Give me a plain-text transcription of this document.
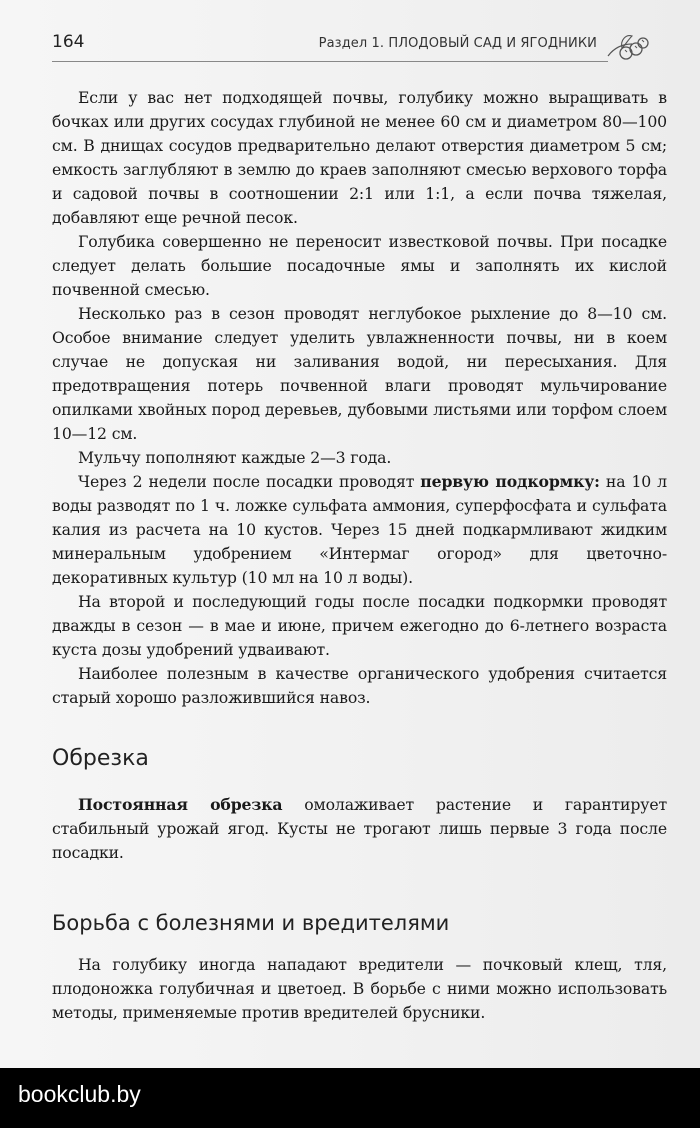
164	Раздел 1. ПЛОДОВЫЙ САД И ЯГОДНИКИ

Если у вас нет подходящей почвы, голубику можно выращивать в бочках или других сосудах глубиной не менее 60 см и диаметром 80—100 см. В днищах сосудов предварительно делают отверстия диаметром 5 см; емкость заглубляют в землю до краев заполняют смесью верхового торфа и садовой почвы в соотношении 2:1 или 1:1, а если почва тяжелая, добавляют еще речной песок.

Голубика совершенно не переносит известковой почвы. При посадке следует делать большие посадочные ямы и заполнять их кислой почвенной смесью.

Несколько раз в сезон проводят неглубокое рыхление до 8—10 см. Особое внимание следует уделить увлажненности почвы, ни в коем случае не допуская ни заливания водой, ни пересыхания. Для предотвращения потерь почвенной влаги проводят мульчирование опилками хвойных пород деревьев, дубовыми листьями или торфом слоем 10—12 см.

Мульчу пополняют каждые 2—3 года.

Через 2 недели после посадки проводят первую подкормку: на 10 л воды разводят по 1 ч. ложке сульфата аммония, суперфосфата и сульфата калия из расчета на 10 кустов. Через 15 дней подкармливают жидким минеральным удобрением «Интермаг огород» для цветочно-декоративных культур (10 мл на 10 л воды).

На второй и последующий годы после посадки подкормки проводят дважды в сезон — в мае и июне, причем ежегодно до 6-летнего возраста куста дозы удобрений удваивают.

Наиболее полезным в качестве органического удобрения считается старый хорошо разложившийся навоз.

Обрезка

Постоянная обрезка омолаживает растение и гарантирует стабильный урожай ягод. Кусты не трогают лишь первые 3 года после посадки.

Борьба с болезнями и вредителями

На голубику иногда нападают вредители — почковый клещ, тля, плодоножка голубичная и цветоед. В борьбе с ними можно использовать методы, применяемые против вредителей брусники.

bookclub.by
